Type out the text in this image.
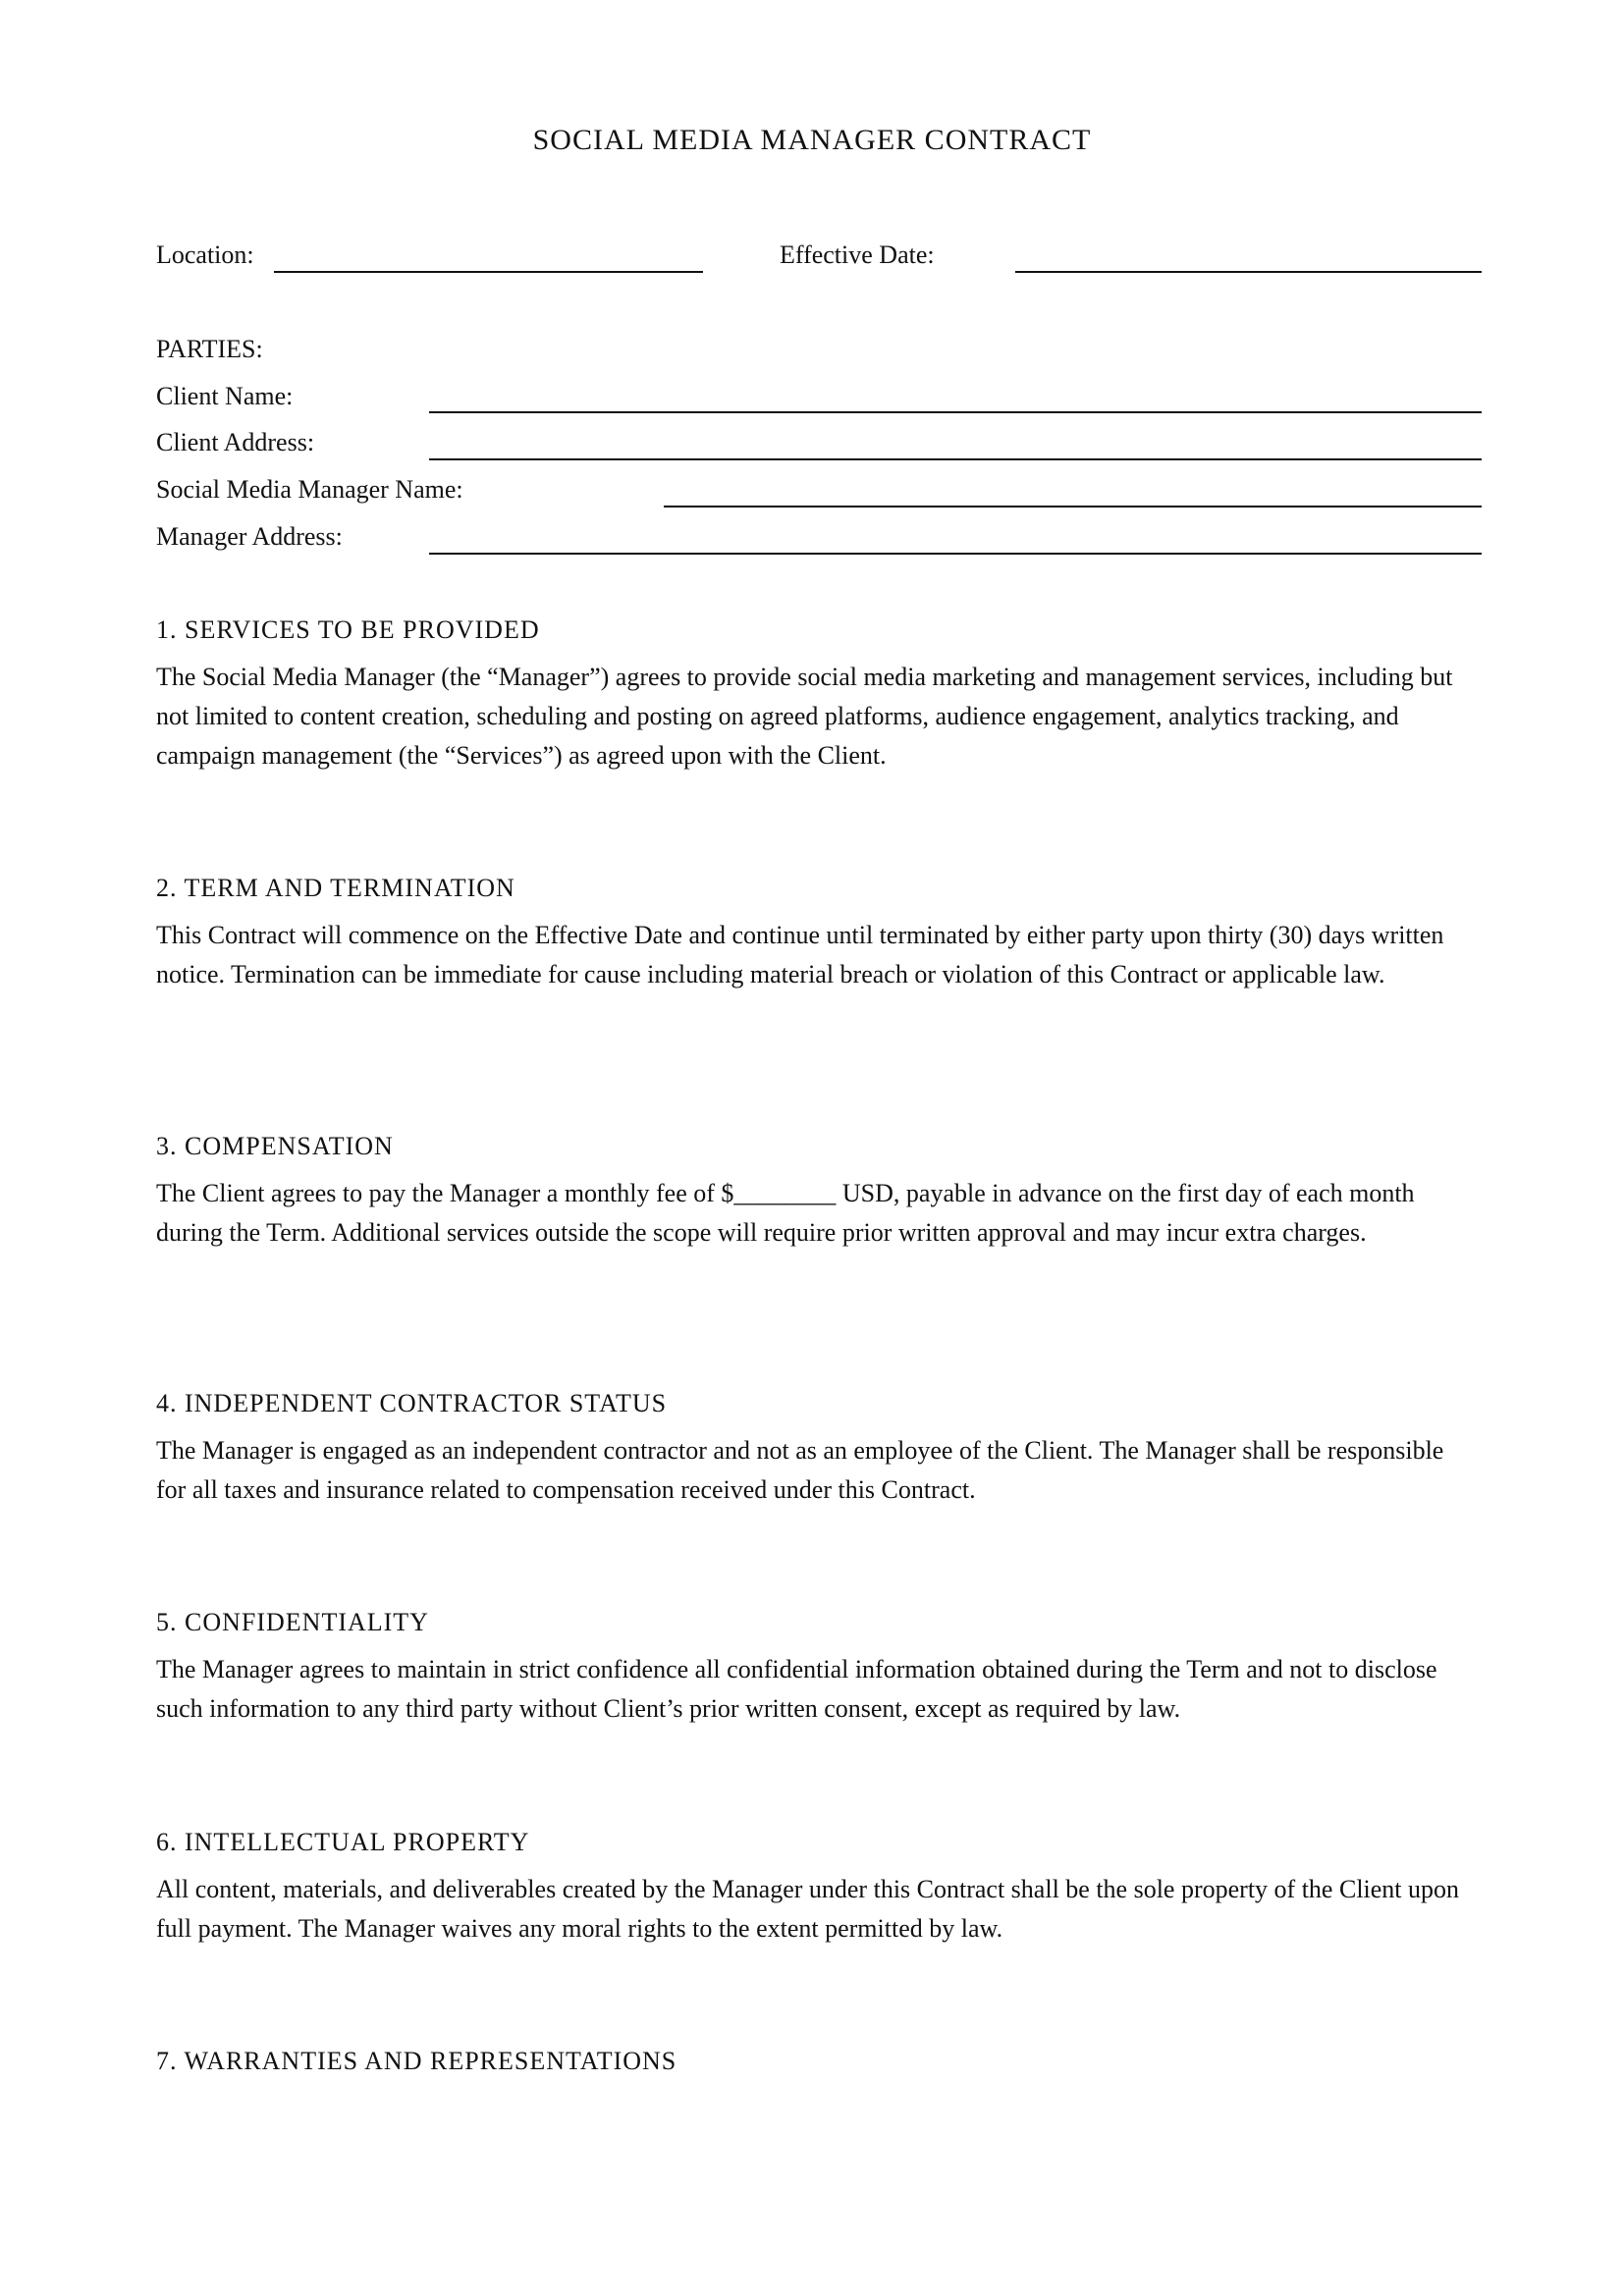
SOCIAL MEDIA MANAGER CONTRACT
Location:	Effective Date:
PARTIES:
Client Name:
Client Address:
Social Media Manager Name:
Manager Address:
1. SERVICES TO BE PROVIDED
The Social Media Manager (the “Manager”) agrees to provide social media marketing and management services, including but not limited to content creation, scheduling and posting on agreed platforms, audience engagement, analytics tracking, and campaign management (the “Services”) as agreed upon with the Client.
2. TERM AND TERMINATION
This Contract will commence on the Effective Date and continue until terminated by either party upon thirty (30) days written notice. Termination can be immediate for cause including material breach or violation of this Contract or applicable law.
3. COMPENSATION
The Client agrees to pay the Manager a monthly fee of $________ USD, payable in advance on the first day of each month during the Term. Additional services outside the scope will require prior written approval and may incur extra charges.
4. INDEPENDENT CONTRACTOR STATUS
The Manager is engaged as an independent contractor and not as an employee of the Client. The Manager shall be responsible for all taxes and insurance related to compensation received under this Contract.
5. CONFIDENTIALITY
The Manager agrees to maintain in strict confidence all confidential information obtained during the Term and not to disclose such information to any third party without Client’s prior written consent, except as required by law.
6. INTELLECTUAL PROPERTY
All content, materials, and deliverables created by the Manager under this Contract shall be the sole property of the Client upon full payment. The Manager waives any moral rights to the extent permitted by law.
7. WARRANTIES AND REPRESENTATIONS
